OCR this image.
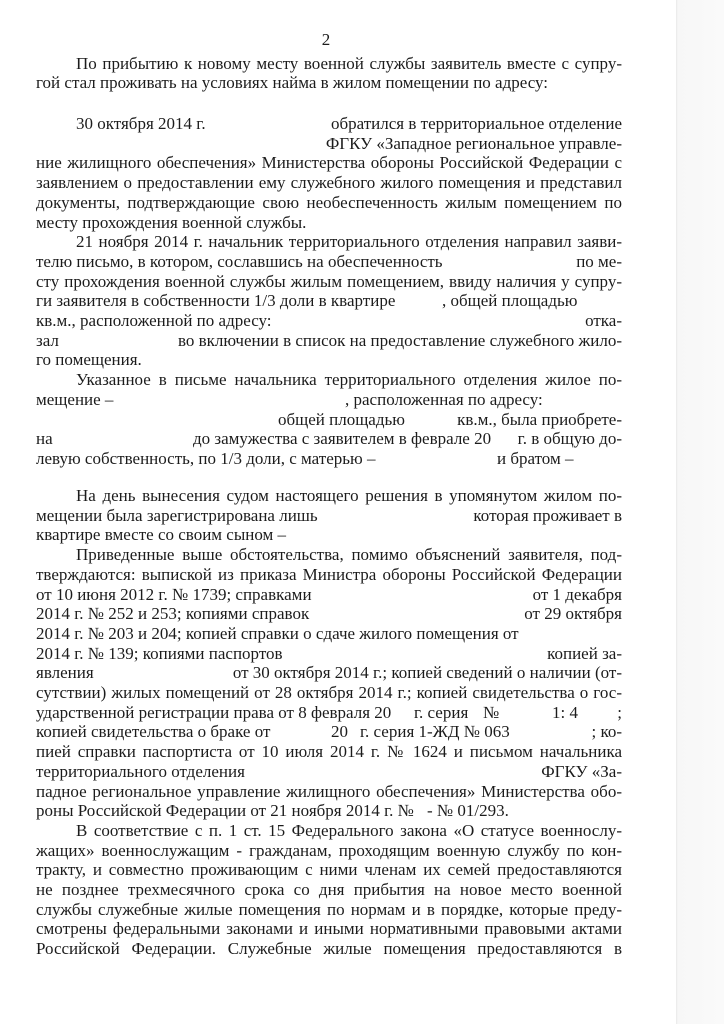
2
По прибытию к новому месту военной службы заявитель вместе с супру-
гой стал проживать на условиях найма в жилом помещении по адресу:
30 октября 2014 г.	обратился в территориальное отделение
ФГКУ «Западное региональное управле-
ние жилищного обеспечения» Министерства обороны Российской Федерации с
заявлением о предоставлении ему служебного жилого помещения и представил
документы, подтверждающие свою необеспеченность жилым помещением по
месту прохождения военной службы.
21 ноября 2014 г. начальник территориального отделения направил заяви-
телю письмо, в котором, сославшись на обеспеченность	по ме-
сту прохождения военной службы жилым помещением, ввиду наличия у супру-
ги заявителя в собственности 1/3 доли в квартире	, общей площадью
кв.м., расположенной по адресу:	отка-
зал	во включении в список на предоставление служебного жило-
го помещения.
Указанное в письме начальника территориального отделения жилое по-
мещение –	, расположенная по адресу:
общей площадью	кв.м., была приобрете-
на	до замужества с заявителем в феврале 20 г. в общую до-
левую собственность, по 1/3 доли, с матерью –	и братом –
На день вынесения судом настоящего решения в упомянутом жилом по-
мещении была зарегистрирована лишь	которая проживает в
квартире вместе со своим сыном –
Приведенные выше обстоятельства, помимо объяснений заявителя, под-
тверждаются: выпиской из приказа Министра обороны Российской Федерации
от 10 июня 2012 г. № 1739; справками	от 1 декабря
2014 г. № 252 и 253; копиями справок	от 29 октября
2014 г. № 203 и 204; копией справки о сдаче жилого помещения от
2014 г. № 139; копиями паспортов	копией за-
явления	от 30 октября 2014 г.; копией сведений о наличии (от-
сутствии) жилых помещений от 28 октября 2014 г.; копией свидетельства о гос-
ударственной регистрации права от 8 февраля 20 г. серия №	1: 4 ;
копией свидетельства о браке от	20 г. серия 1-ЖД № 063	; ко-
пией справки паспортиста от 10 июля 2014 г. № 1624 и письмом начальника
территориального отделения	ФГКУ «За-
падное региональное управление жилищного обеспечения» Министерства обо-
роны Российской Федерации от 21 ноября 2014 г. № - № 01/293.
В соответствие с п. 1 ст. 15 Федерального закона «О статусе военнослу-
жащих» военнослужащим - гражданам, проходящим военную службу по кон-
тракту, и совместно проживающим с ними членам их семей предоставляются
не позднее трехмесячного срока со дня прибытия на новое место военной
службы служебные жилые помещения по нормам и в порядке, которые преду-
смотрены федеральными законами и иными нормативными правовыми актами
Российской Федерации. Служебные жилые помещения предоставляются в
